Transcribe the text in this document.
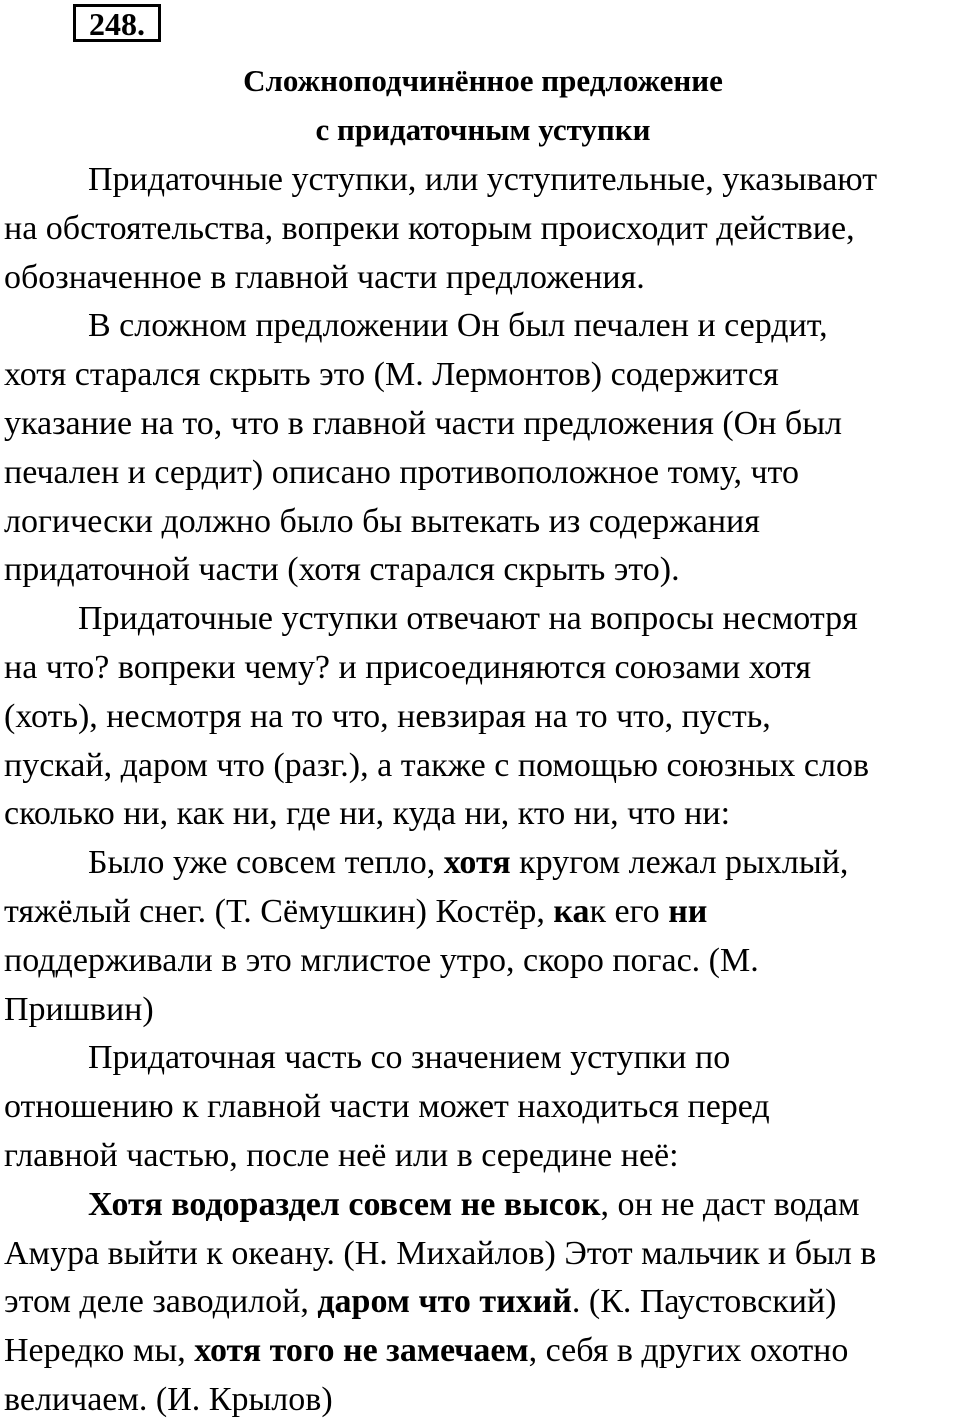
248.
Сложноподчинённое предложение
с придаточным уступки
Придаточные уступки, или уступительные, указывают
на обстоятельства, вопреки которым происходит действие,
обозначенное в главной части предложения.
В сложном предложении Он был печален и сердит,
хотя старался скрыть это (М. Лермонтов) содержится
указание на то, что в главной части предложения (Он был
печален и сердит) описано противоположное тому, что
логически должно было бы вытекать из содержания
придаточной части (хотя старался скрыть это).
Придаточные уступки отвечают на вопросы несмотря
на что? вопреки чему? и присоединяются союзами хотя
(хоть), несмотря на то что, невзирая на то что, пусть,
пускай, даром что (разг.), а также с помощью союзных слов
сколько ни, как ни, где ни, куда ни, кто ни, что ни:
Было уже совсем тепло, хотя кругом лежал рыхлый,
тяжёлый снег. (Т. Сёмушкин) Костёр, как его ни
поддерживали в это мглистое утро, скоро погас. (М.
Пришвин)
Придаточная часть со значением уступки по
отношению к главной части может находиться перед
главной частью, после неё или в середине неё:
Хотя водораздел совсем не высок, он не даст водам
Амура выйти к океану. (Н. Михайлов) Этот мальчик и был в
этом деле заводилой, даром что тихий. (К. Паустовский)
Нередко мы, хотя того не замечаем, себя в других охотно
величаем. (И. Крылов)
